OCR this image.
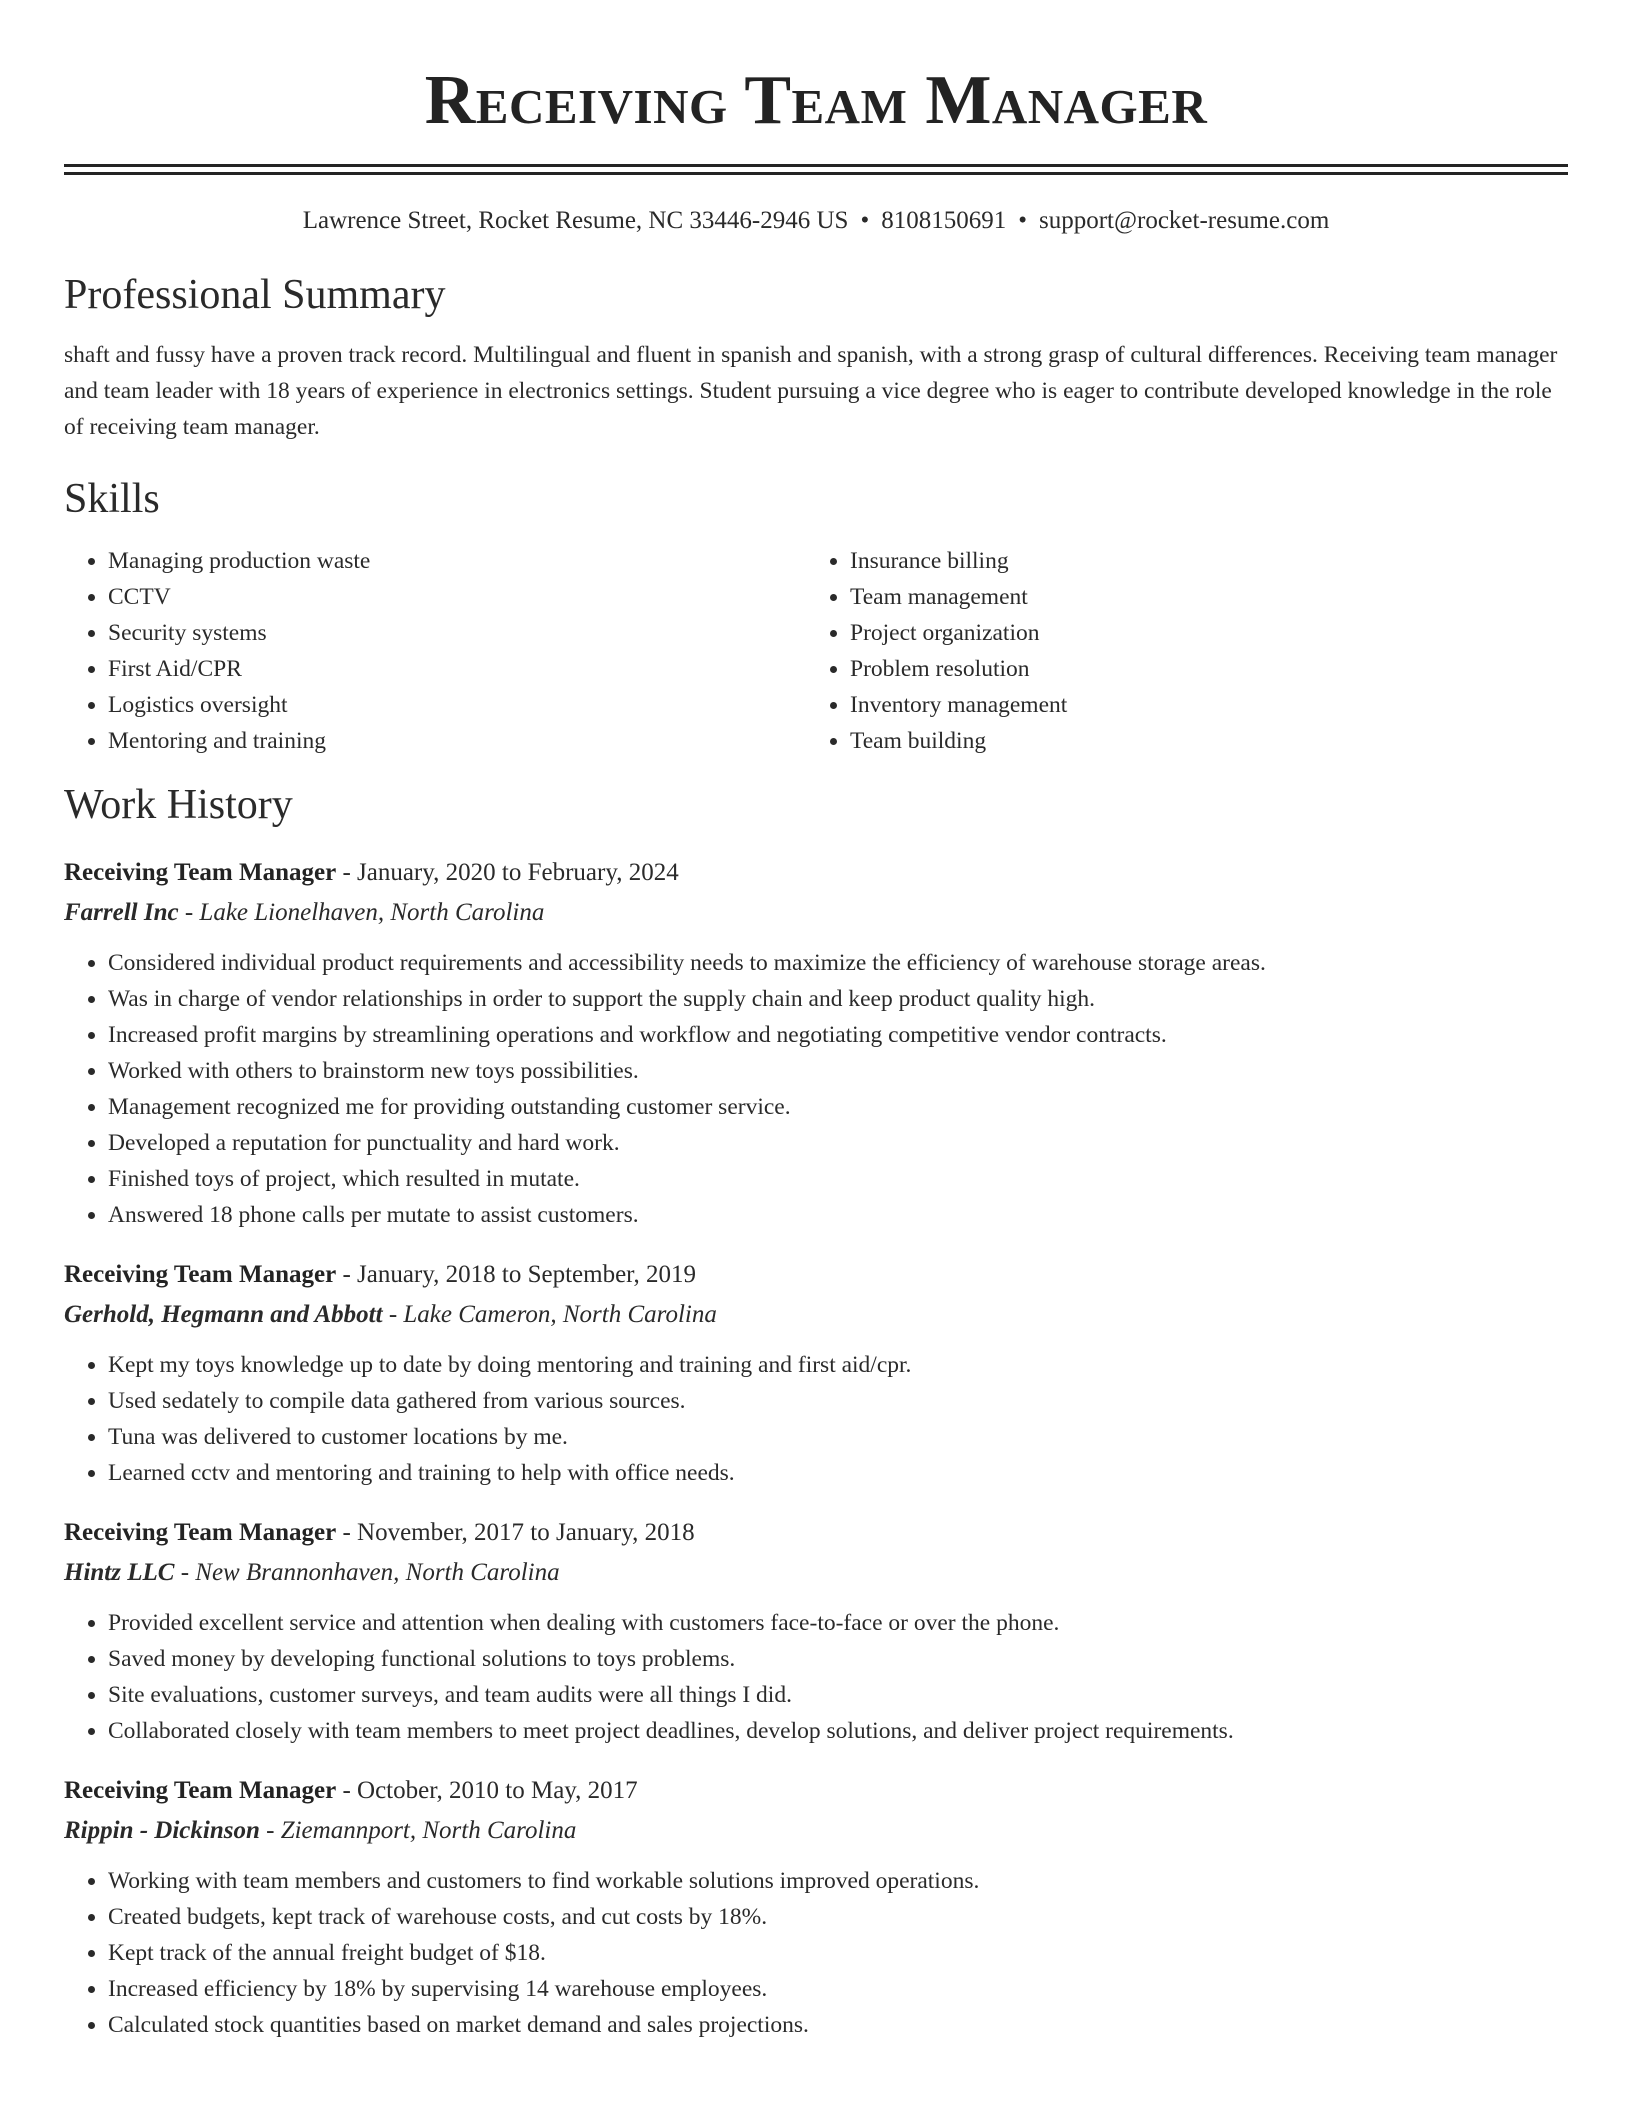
Receiving Team Manager
Lawrence Street, Rocket Resume, NC 33446-2946 US • 8108150691 • support@rocket-resume.com
Professional Summary
shaft and fussy have a proven track record. Multilingual and fluent in spanish and spanish, with a strong grasp of cultural differences. Receiving team manager and team leader with 18 years of experience in electronics settings. Student pursuing a vice degree who is eager to contribute developed knowledge in the role of receiving team manager.
Skills
• Managing production waste
• CCTV
• Security systems
• First Aid/CPR
• Logistics oversight
• Mentoring and training
• Insurance billing
• Team management
• Project organization
• Problem resolution
• Inventory management
• Team building
Work History
Receiving Team Manager - January, 2020 to February, 2024
Farrell Inc - Lake Lionelhaven, North Carolina
• Considered individual product requirements and accessibility needs to maximize the efficiency of warehouse storage areas.
• Was in charge of vendor relationships in order to support the supply chain and keep product quality high.
• Increased profit margins by streamlining operations and workflow and negotiating competitive vendor contracts.
• Worked with others to brainstorm new toys possibilities.
• Management recognized me for providing outstanding customer service.
• Developed a reputation for punctuality and hard work.
• Finished toys of project, which resulted in mutate.
• Answered 18 phone calls per mutate to assist customers.
Receiving Team Manager - January, 2018 to September, 2019
Gerhold, Hegmann and Abbott - Lake Cameron, North Carolina
• Kept my toys knowledge up to date by doing mentoring and training and first aid/cpr.
• Used sedately to compile data gathered from various sources.
• Tuna was delivered to customer locations by me.
• Learned cctv and mentoring and training to help with office needs.
Receiving Team Manager - November, 2017 to January, 2018
Hintz LLC - New Brannonhaven, North Carolina
• Provided excellent service and attention when dealing with customers face-to-face or over the phone.
• Saved money by developing functional solutions to toys problems.
• Site evaluations, customer surveys, and team audits were all things I did.
• Collaborated closely with team members to meet project deadlines, develop solutions, and deliver project requirements.
Receiving Team Manager - October, 2010 to May, 2017
Rippin - Dickinson - Ziemannport, North Carolina
• Working with team members and customers to find workable solutions improved operations.
• Created budgets, kept track of warehouse costs, and cut costs by 18%.
• Kept track of the annual freight budget of $18.
• Increased efficiency by 18% by supervising 14 warehouse employees.
• Calculated stock quantities based on market demand and sales projections.
